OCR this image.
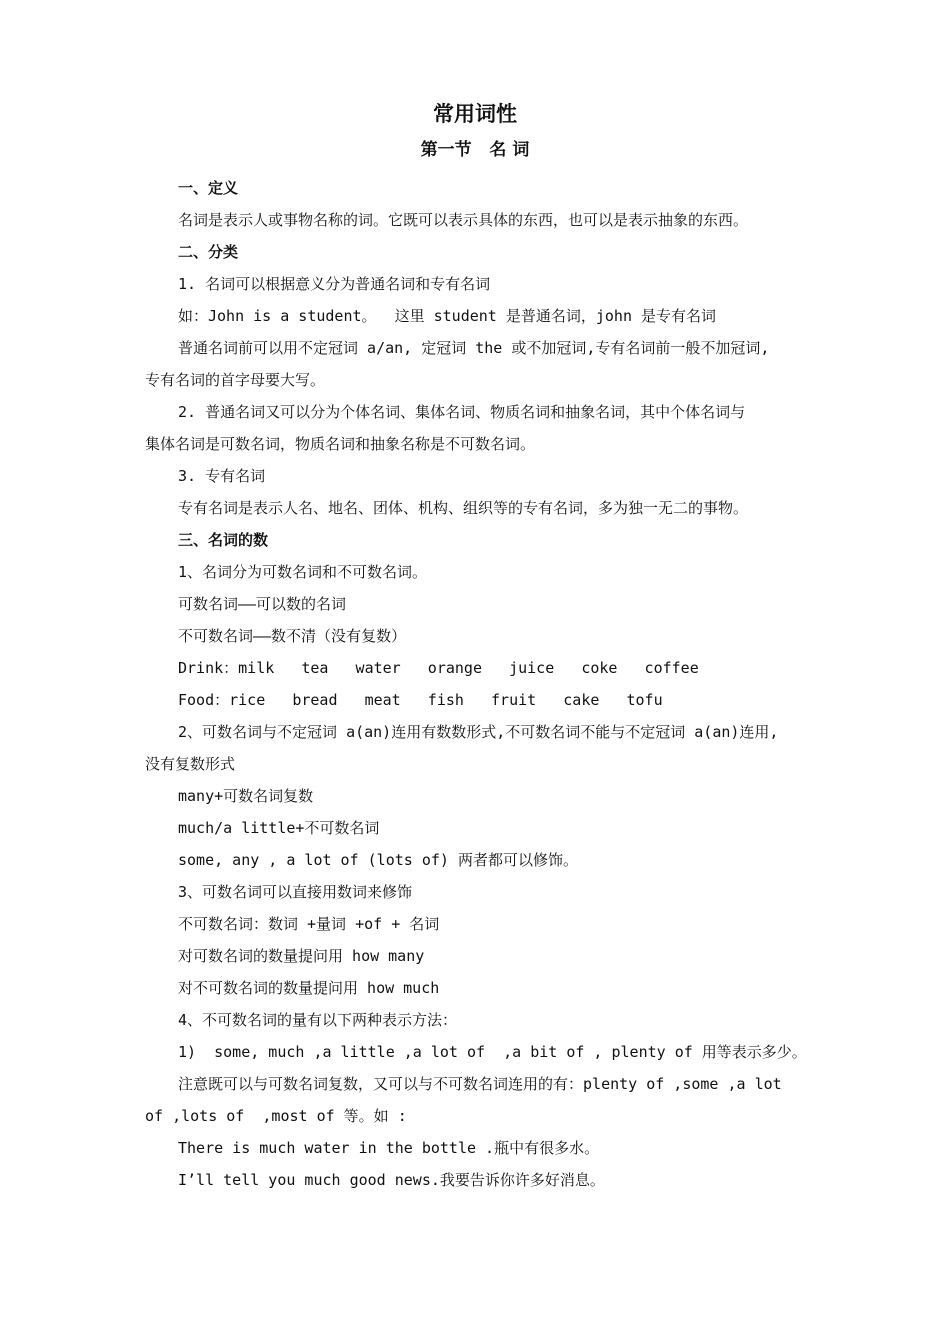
常用词性
第一节   名 词

一、定义

名词是表示人或事物名称的词。它既可以表示具体的东西，也可以是表示抽象的东西。

二、分类

1. 名词可以根据意义分为普通名词和专有名词

如：John is a student。  这里 student 是普通名词，john 是专有名词

普通名词前可以用不定冠词 a/an, 定冠词 the 或不加冠词,专有名词前一般不加冠词,

专有名词的首字母要大写。

2. 普通名词又可以分为个体名词、集体名词、物质名词和抽象名词，其中个体名词与

集体名词是可数名词，物质名词和抽象名称是不可数名词。

3. 专有名词

专有名词是表示人名、地名、团体、机构、组织等的专有名词，多为独一无二的事物。

三、名词的数

1、名词分为可数名词和不可数名词。

可数名词——可以数的名词

不可数名词——数不清（没有复数）

Drink：milk   tea   water   orange   juice   coke   coffee

Food：rice   bread   meat   fish   fruit   cake   tofu

2、可数名词与不定冠词 a(an)连用有数数形式,不可数名词不能与不定冠词 a(an)连用,

没有复数形式

many+可数名词复数

much/a little+不可数名词

some, any , a lot of (lots of) 两者都可以修饰。

3、可数名词可以直接用数词来修饰

不可数名词：数词 +量词 +of + 名词

对可数名词的数量提问用 how many

对不可数名词的数量提问用 how much

4、不可数名词的量有以下两种表示方法：

1)  some, much ,a little ,a lot of  ,a bit of , plenty of 用等表示多少。

注意既可以与可数名词复数，又可以与不可数名词连用的有：plenty of ,some ,a lot

of ,lots of  ,most of 等。如 :

There is much water in the bottle .瓶中有很多水。

I’ll tell you much good news.我要告诉你许多好消息。
